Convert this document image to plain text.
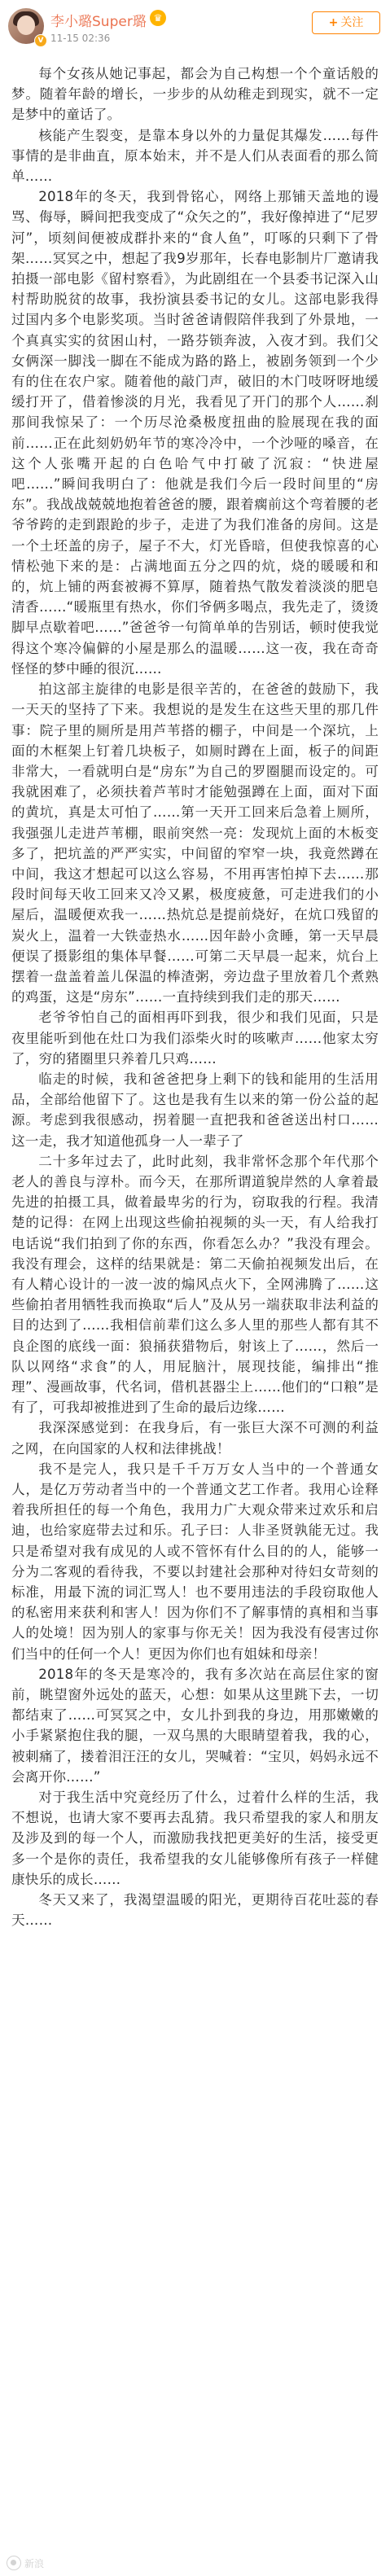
V
李小璐Super璐 ♛
11-15 02:36
+ 关注

每个女孩从她记事起，都会为自己构想一个个童话般的梦。随着年龄的增长，一步步的从幼稚走到现实，就不一定是梦中的童话了。

核能产生裂变，是靠本身以外的力量促其爆发……每件事情的是非曲直，原本始末，并不是人们从表面看的那么简单……

2018年的冬天，我到骨铭心，网络上那铺天盖地的谩骂、侮辱，瞬间把我变成了“众矢之的”，我好像掉进了“尼罗河”，顷刻间便被成群扑来的“食人鱼”，叮啄的只剩下了骨架……冥冥之中，想起了我9岁那年，长春电影制片厂邀请我拍摄一部电影《留村察看》，为此剧组在一个县委书记深入山村帮助脱贫的故事，我扮演县委书记的女儿。这部电影我得过国内多个电影奖项。当时爸爸请假陪伴我到了外景地，一个真真实实的贫困山村，一路芬锁奔波，入夜才到。我们父女俩深一脚浅一脚在不能成为路的路上，被剧务领到一个少有的住在农户家。随着他的敲门声，破旧的木门吱呀呀地缓缓打开了，借着惨淡的月光，我看见了开门的那个人……刹那间我惊呆了：一个历尽沧桑极度扭曲的脸展现在我的面前……正在此刻奶奶年节的寒冷冷中，一个沙哑的嗓音，在这个人张嘴开起的白色哈气中打破了沉寂：“快进屋吧……”瞬间我明白了：他就是我们今后一段时间里的“房东”。我战战兢兢地抱着爸爸的腰，跟着瘸前这个弯着腰的老爷爷跨的走到跟跄的步子，走进了为我们准备的房间。这是一个土坯盖的房子，屋子不大，灯光昏暗，但使我惊喜的心情松弛下来的是：占满地面五分之四的炕，烧的暖暖和和的，炕上铺的两套被褥不算厚，随着热气散发着淡淡的肥皂清香……“暖瓶里有热水，你们爷俩多喝点，我先走了，烫烫脚早点歇着吧……”爸爸爷一句简单单的告别话，顿时使我觉得这个寒冷偏僻的小屋是那么的温暖……这一夜，我在奇奇怪怪的梦中睡的很沉……

拍这部主旋律的电影是很辛苦的，在爸爸的鼓励下，我一天天的坚持了下来。我想说的是发生在这些天里的那几件事：院子里的厕所是用芦苇搭的棚子，中间是一个深坑，上面的木框架上钉着几块板子，如厕时蹲在上面，板子的间距非常大，一看就明白是“房东”为自己的罗圈腿而设定的。可我就困难了，必须扶着芦苇时才能勉强蹲在上面，面对下面的黄坑，真是太可怕了……第一天开工回来后急着上厕所，我强强儿走进芦苇棚，眼前突然一亮：发现炕上面的木板变多了，把坑盖的严严实实，中间留的窄窄一块，我竟然蹲在中间，我这才想起可以这么容易，不用再害怕掉下去……那段时间每天收工回来又冷又累，极度疲惫，可走进我们的小屋后，温暖便欢我一……热炕总是提前烧好，在炕口残留的炭火上，温着一大铁壶热水……因年龄小贪睡，第一天早晨便误了摄影组的集体早餐……可第二天早晨一起来，炕台上摆着一盘盖着盖儿保温的棒渣粥，旁边盘子里放着几个煮熟的鸡蛋，这是“房东”……一直持续到我们走的那天……

老爷爷怕自己的面相再吓到我，很少和我们见面，只是夜里能听到他在灶口为我们添柴火时的咳嗽声……他家太穷了，穷的猪圈里只养着几只鸡……

临走的时候，我和爸爸把身上剩下的钱和能用的生活用品，全部给他留下了。这也是我有生以来的第一份公益的起源。考虑到我很感动，拐着腿一直把我和爸爸送出村口……这一走，我才知道他孤身一人一辈子了

二十多年过去了，此时此刻，我非常怀念那个年代那个老人的善良与淳朴。而今天，在那所谓道貌岸然的人拿着最先进的拍摄工具，做着最卑劣的行为，窃取我的行程。我清楚的记得：在网上出现这些偷拍视频的头一天，有人给我打电话说“我们拍到了你的东西，你看怎么办？”我没有理会。我没有理会，这样的结果就是：第二天偷拍视频发出后，在有人精心设计的一波一波的煽风点火下，全网沸腾了……这些偷拍者用牺牲我而换取“后人”及从另一端获取非法利益的目的达到了……我相信前辈们这么多人里的那些人都有其不良企图的底线一面：狼捅获猎物后，射该上了……，然后一队以网络“求食”的人，用屁脑汁，展现技能，编排出“推理”、漫画故事，代名词，借机甚器尘上……他们的“口粮”是有了，可我却被推进到了生命的最后边缘……

我深深感觉到：在我身后，有一张巨大深不可测的利益之网，在向国家的人权和法律挑战！

我不是完人，我只是千千万万女人当中的一个普通女人，是亿万劳动者当中的一个普通文艺工作者。我用心诠释着我所担任的每一个角色，我用力广大观众带来过欢乐和启迪，也给家庭带去过和乐。孔子曰：人非圣贤孰能无过。我只是希望对我有成见的人或不管怀有什么目的的人，能够一分为二客观的看待我，不要以封建社会那种对待妇女苛刻的标准，用最下流的词汇骂人！也不要用违法的手段窃取他人的私密用来获利和害人！因为你们不了解事情的真相和当事人的处境！因为别人的家事与你无关！因为我没有侵害过你们当中的任何一个人！更因为你们也有姐妹和母亲！

2018年的冬天是寒冷的，我有多次站在高层住家的窗前，眺望窗外远处的蓝天，心想：如果从这里跳下去，一切都结束了……可冥冥之中，女儿扑到我的身边，用那嫩嫩的小手紧紧抱住我的腿，一双乌黑的大眼睛望着我，我的心，被刺痛了，搂着泪汪汪的女儿，哭喊着：“宝贝，妈妈永远不会离开你……”

对于我生活中究竟经历了什么，过着什么样的生活，我不想说，也请大家不要再去乱猜。我只希望我的家人和朋友及涉及到的每一个人，而激励我找把更美好的生活，接受更多一个是你的责任，我希望我的女儿能够像所有孩子一样健康快乐的成长……

冬天又来了，我渴望温暖的阳光，更期待百花吐蕊的春天……

新浪
